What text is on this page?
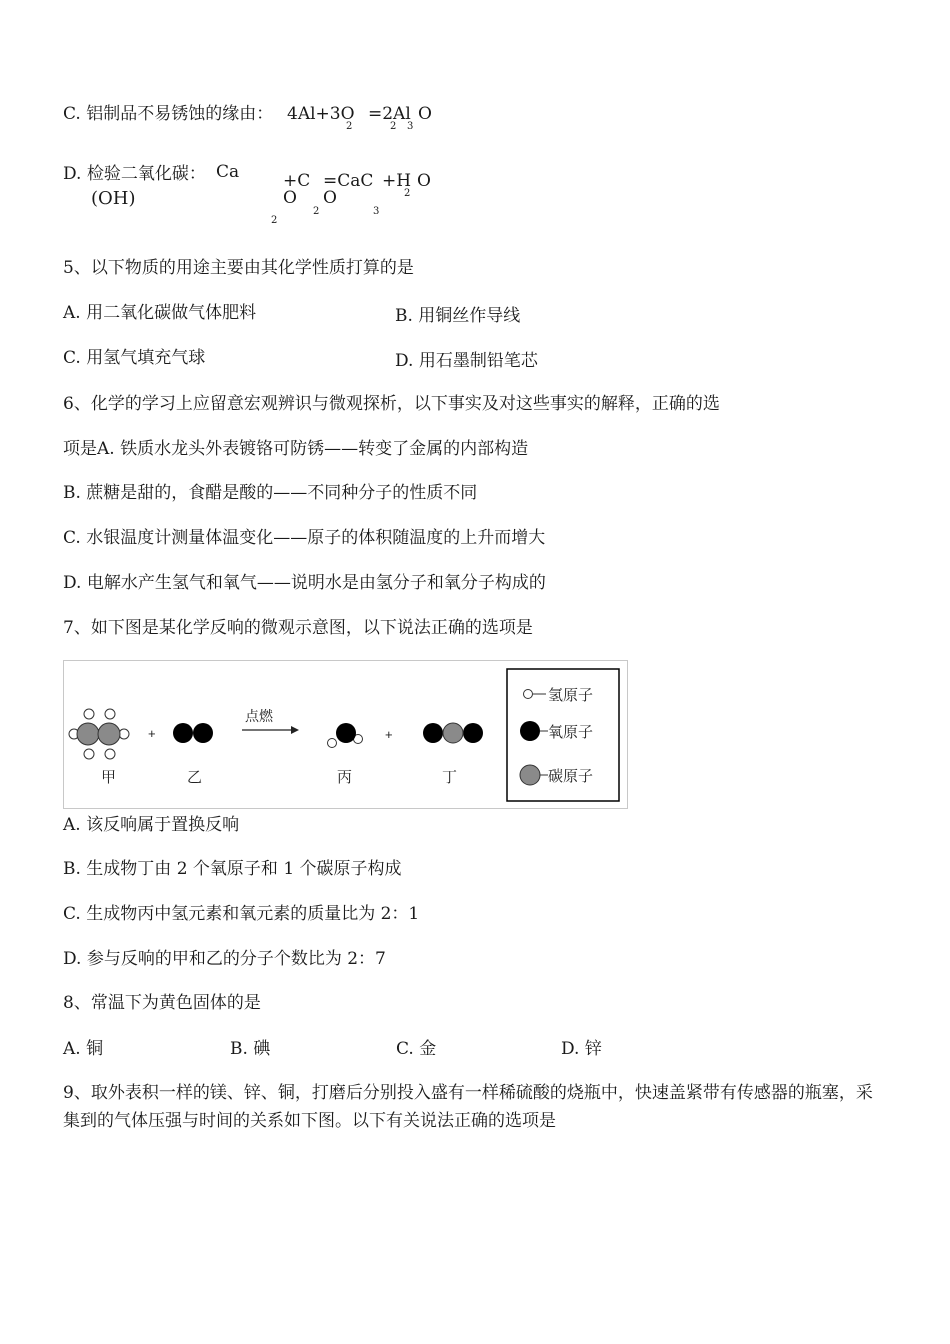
C. 铝制品不易锈蚀的缘由： 4Al+3O
2
=2Al
2 3
O
D. 检验二氧化碳： Ca
(OH)
2
+C
O
2
=CaC
O
3
+H
2
O
5、以下物质的用途主要由其化学性质打算的是
A. 用二氧化碳做气体肥料	B. 用铜丝作导线
C. 用氢气填充气球	D. 用石墨制铅笔芯
6、化学的学习上应留意宏观辨识与微观探析，以下事实及对这些事实的解释，正确的选
项是A. 铁质水龙头外表镀铬可防锈——转变了金属的内部构造
B. 蔗糖是甜的，食醋是酸的——不同种分子的性质不同
C. 水银温度计测量体温变化——原子的体积随温度的上升而增大
D. 电解水产生氢气和氧气——说明水是由氢分子和氧分子构成的
7、如下图是某化学反响的微观示意图，以下说法正确的选项是
+
点燃
+
甲	乙	丙	丁
氢原子
氧原子
碳原子
A. 该反响属于置换反响
B. 生成物丁由 2 个氧原子和 1 个碳原子构成
C. 生成物丙中氢元素和氧元素的质量比为 2：1
D. 参与反响的甲和乙的分子个数比为 2：7
8、常温下为黄色固体的是
A. 铜	B. 碘	C. 金	D. 锌
9、取外表积一样的镁、锌、铜，打磨后分别投入盛有一样稀硫酸的烧瓶中，快速盖紧带有传感器的瓶塞，采集到的气体压强与时间的关系如下图。以下有关说法正确的选项是
